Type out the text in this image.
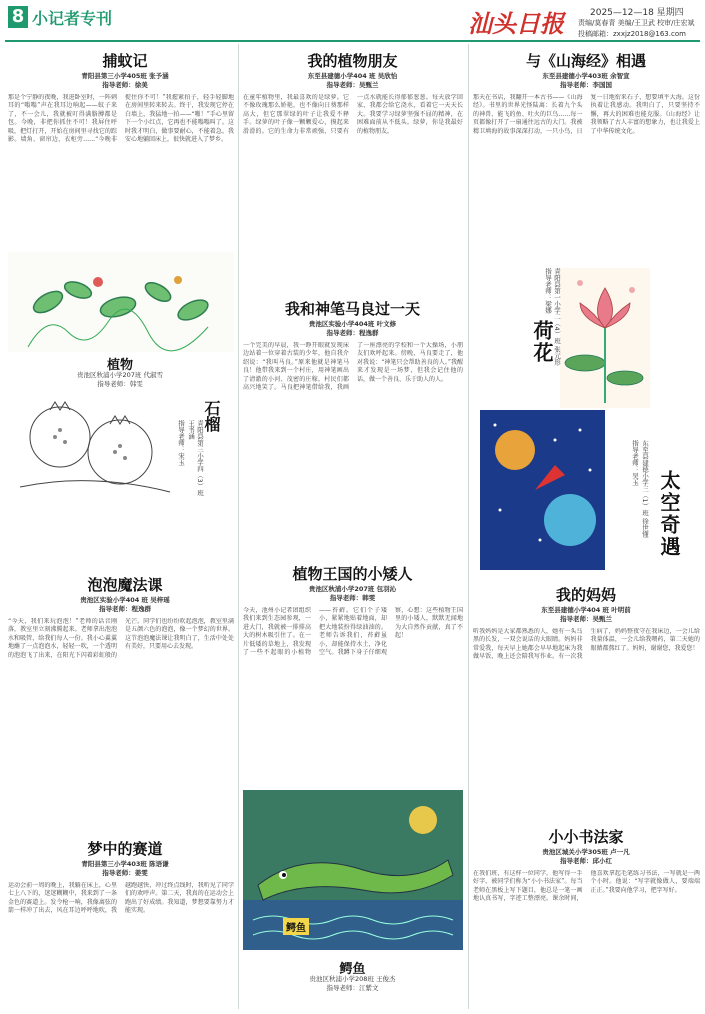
8 小记者专刊	汕头日报	2025—12—18 星期四
责编/莫春青 美编/王卫武 校审/庄宏斌
投稿邮箱：zxxjz2018@163.com
捕蚊记
青阳县第三小学405班 张予涵
指导老师：徐美
那是个宁静的夜晚，我进卧室时，一阵刺耳的“嗡嗡”声在我耳边响起——蚊子来了，不一会儿，我就被叮得满胳膊都是包。今晚，非把你抓住不可！我屏住呼吸，把灯打开，开始在房间里寻找它的踪影。墙角、窗帘边、衣柜旁……“今晚非捉住你不可！”我握紧拍子，轻手轻脚地在房间里转来转去。终于，我发现它停在白墙上，我猛地一拍——“啪！”手心里留下一个小红点，它再也不能嗡嗡叫了。这时我才明白，做事要耐心，不能着急。我安心地躺回床上，很快就进入了梦乡。
植物
贵池区秋浦小学207班 代淑雪
指导老师：韩雯
石榴
青阳县第三小学四（3）班 王书涵
指导老师：宋玉
泡泡魔法课
贵池区实验小学404 班 吴梓瑶
指导老师：程逸群
“今天，我们来玩泡泡！”老师的话音刚落，教室里立刻沸腾起来。老师拿出泡泡水和吸管，给我们每人一份。我小心翼翼地蘸了一点泡泡水，轻轻一吹，一个透明的泡泡飞了出来，在阳光下闪着彩虹般的光芒。同学们也纷纷吹起泡泡，教室里满是五颜六色的泡泡，像一个梦幻的世界。这节泡泡魔法课让我明白了，生活中处处有美好，只要用心去发现。
梦中的赛道
青阳县第三小学403班 陈语谦
指导老师：姜雯
运动会前一周的晚上，我躺在床上，心里七上八下的，迷迷糊糊中，我来到了一条金色的赛道上。发令枪一响，我像离弦的箭一样冲了出去，风在耳边呼呼地吹，我越跑越快，冲过终点线时，我听见了同学们的欢呼声。第二天，我真的在运动会上跑出了好成绩。我知道，梦想要靠努力才能实现。
我的植物朋友
东至县建德小学404 班 吴欣怡
指导老师：吴甄兰
在童年植物里，我最喜欢的是绿萝。它不像玫瑰那么娇艳，也不像向日葵那样高大，但它那翠绿的叶子让我爱不释手。绿萝的叶子像一颗颗爱心，摸起来滑滑的。它的生命力非常顽强，只要有一点水就能长得郁郁葱葱。每天放学回家，我都会给它浇水，看着它一天天长大。我要学习绿萝坚强不屈的精神，在困难面前从不低头。绿萝，你是我最好的植物朋友。
我和神笔马良过一天
贵池区实验小学404班 叶文修
指导老师：程逸群
一个完美的早晨，我一睁开眼就发现床边站着一位穿着古装的少年，他自我介绍说：“我叫马良。”原来他就是神笔马良！他带我来到一个村庄，用神笔画出了清澈的小河、茂密的庄稼，村民们都高兴地笑了。马良把神笔借给我，我画了一座漂亮的学校和一个大操场，小朋友们欢呼起来。傍晚，马良要走了，他对我说：“神笔只会帮助善良的人。”我醒来才发现是一场梦，但我会记住他的话，做一个善良、乐于助人的人。
植物王国的小矮人
贵池区秋浦小学207班 包羽沁
指导老师：韩雯
今天，池州小记者团组织我们来到生态园参观，一进大门，我就被一排排高大的树木吸引住了。在一片低矮的草地上，我发现了一些不起眼的小植物——苔藓。它们个子矮小，紧紧地贴着地面，却把大地装扮得绿油油的。老师告诉我们，苔藓虽小，却能保持水土，净化空气。我蹲下身子仔细观察，心想：这些植物王国里的小矮人，默默无闻地为大自然作贡献，真了不起！
鳄鱼
鳄鱼
贵池区秋浦小学208班 王俊杰
指导老师：江紫文
与《山海经》相遇
东至县建德小学403班 余智宣
指导老师：李国国
那天在书店，我翻开一本古书——《山海经》。书里的世界光怪陆离：长着九个头的神兽、能飞的鱼、吐火的巨鸟……每一页都像打开了一扇通往远古的大门。我被精卫填海的故事深深打动，一只小鸟，日复一日地衔来石子，想要填平大海。这份执着让我感动。我明白了，只要坚持不懈，再大的困难也能克服。《山海经》让我领略了古人丰富的想象力，也让我爱上了中华传统文化。
荷花 青阳县第一小学二（4）班 张元形
指导老师：梁娜
太空奇遇
东至县建德小学三（1）班 徐世懂
指导老师：吴玉
我的妈妈
东至县建德小学404 班 叶明前
指导老师：吴甄兰
听我妈妈是大家都熟悉的人，她有一头乌黑的长发，一双会说话的大眼睛。妈妈非常爱我，每天早上她都会早早地起床为我做早饭，晚上还会陪我写作业。有一次我生病了，妈妈整夜守在我床边，一会儿给我量体温，一会儿给我喂药，第二天她的眼睛都熬红了。妈妈，谢谢您，我爱您！
小小书法家
贵池区城关小学305班 卢一凡
指导老师：邱小红
在我们班，有这样一位同学，他写得一手好字，被同学们称为“小小书法家”。每当老师在黑板上写下题目，他总是一笔一画地认真书写，字迹工整漂亮。课余时间，他喜欢拿起毛笔练习书法，一写就是一两个小时。他说：“写字就像做人，要端端正正。”我要向他学习，把字写好。
